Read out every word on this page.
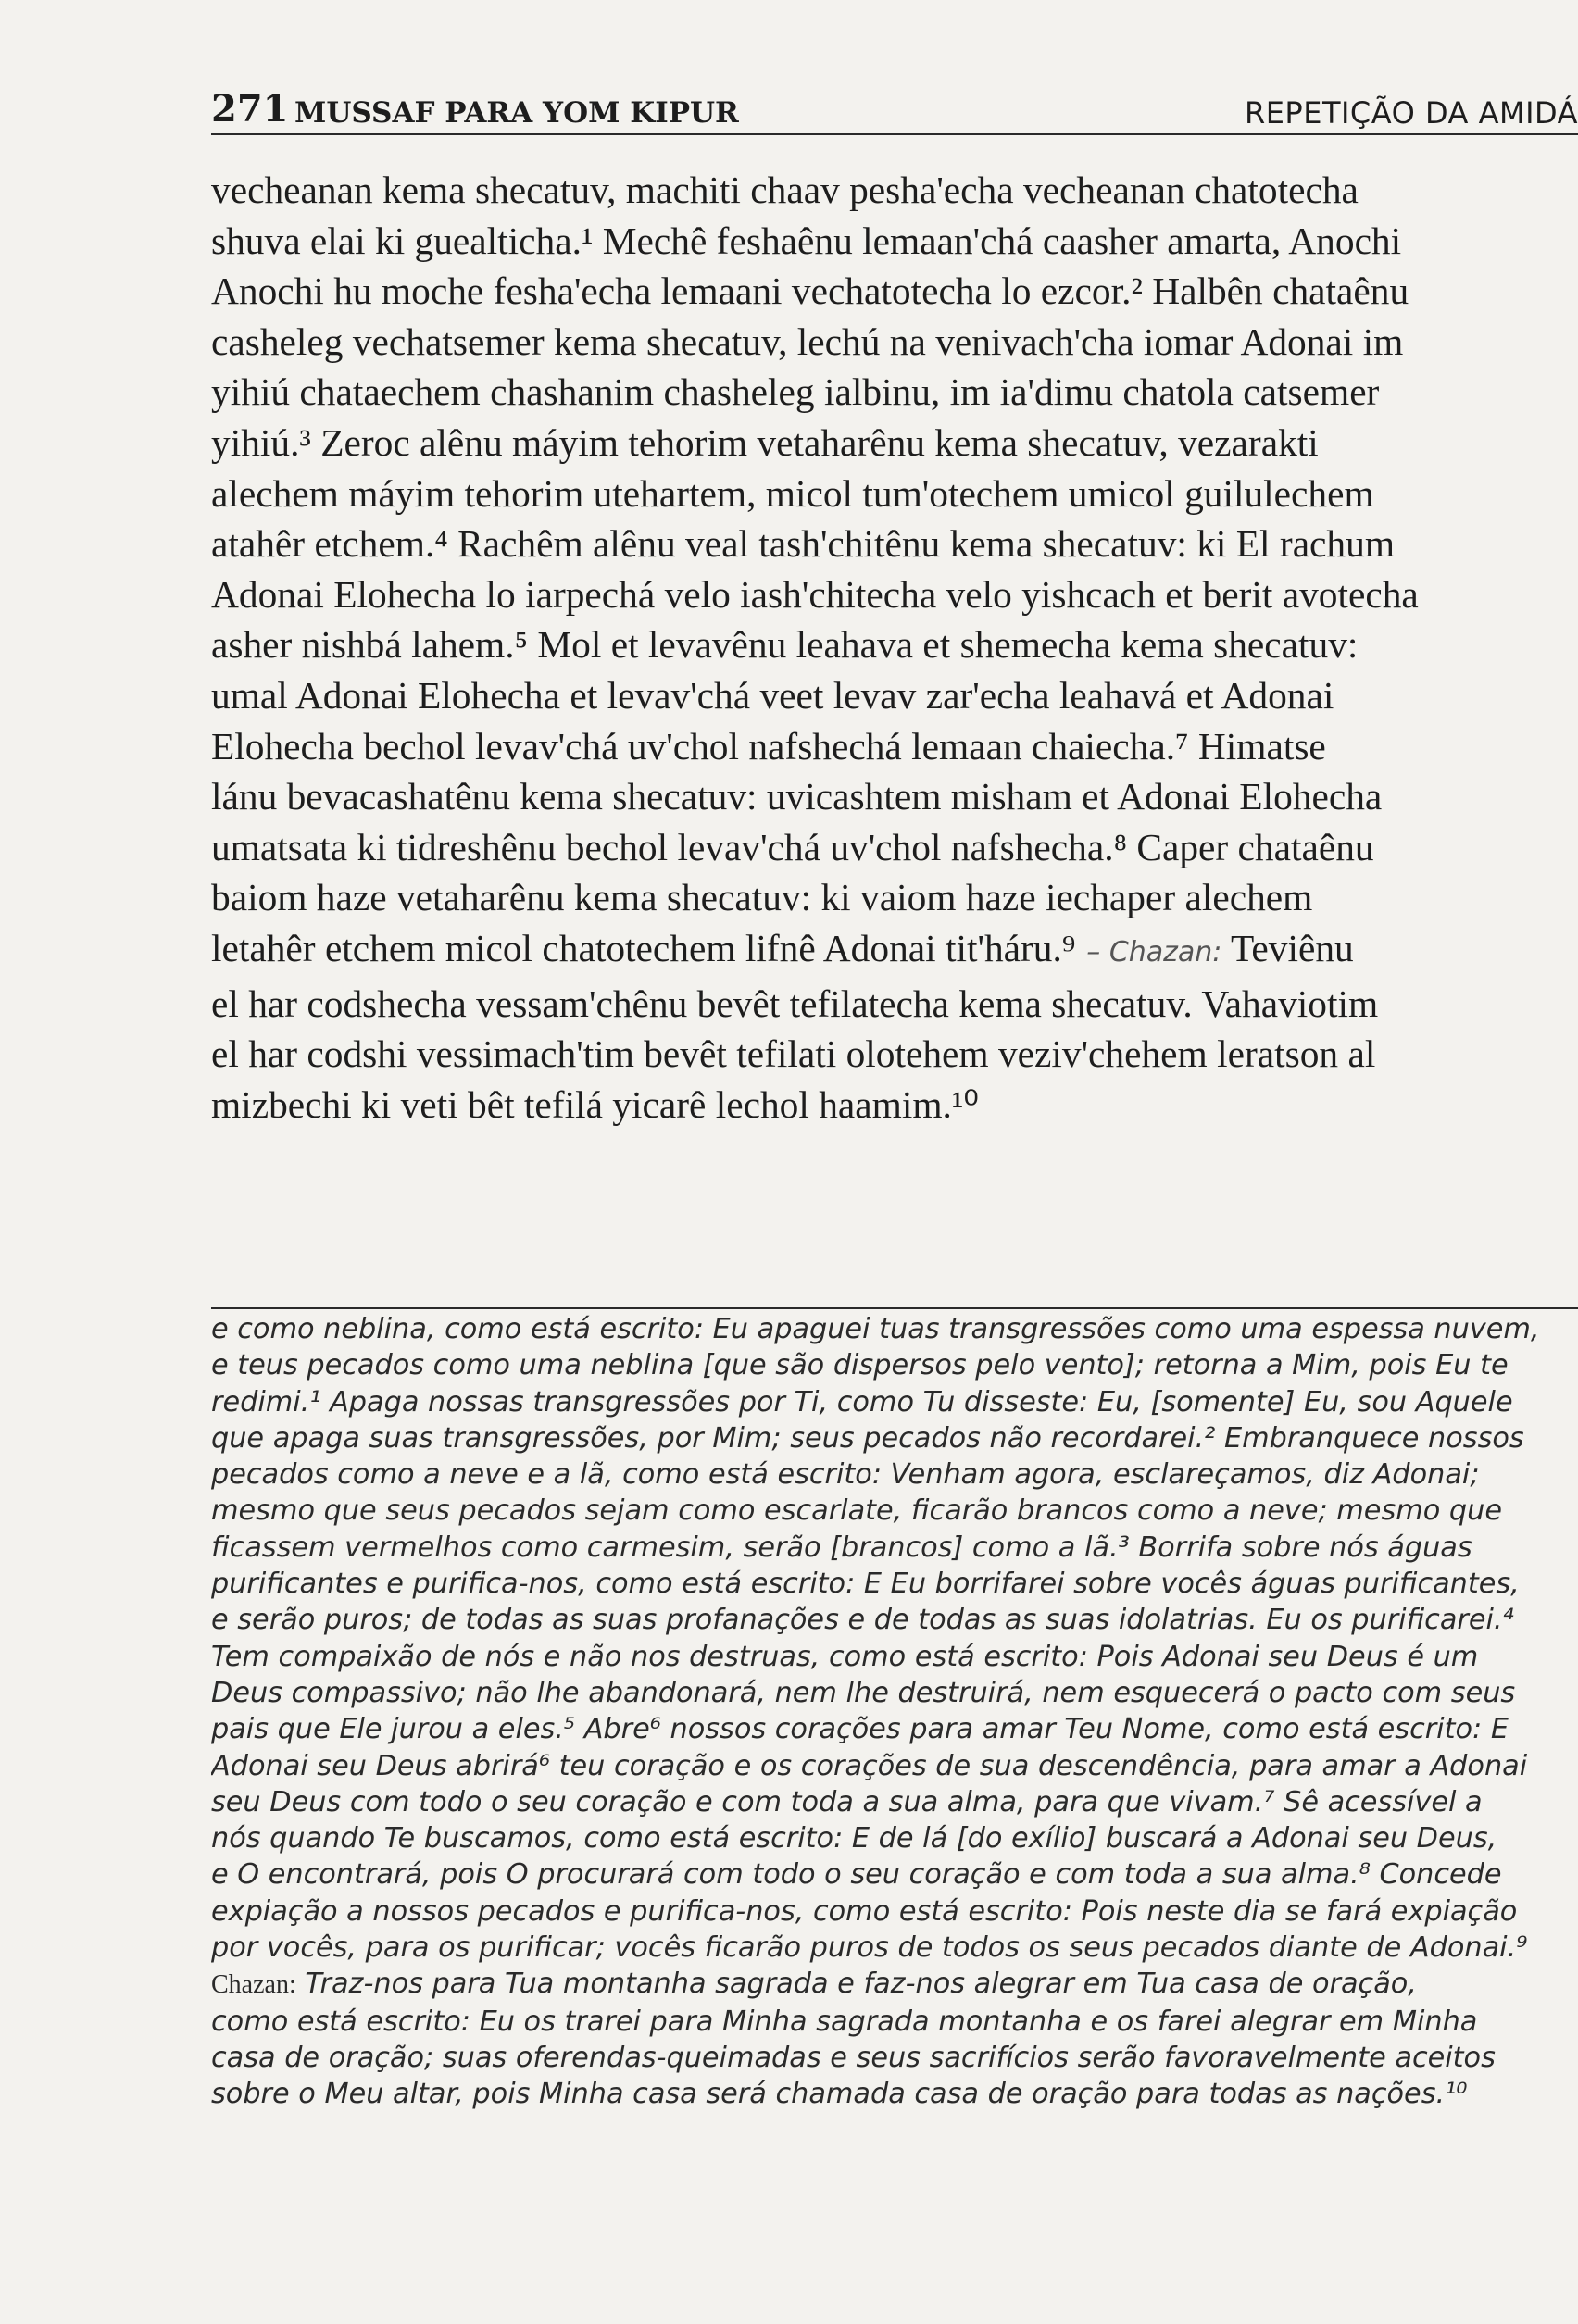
271 MUSSAF PARA YOM KIPUR	REPETIÇÃO DA AMIDÁ
vecheanan kema shecatuv, machiti chaav pesha'echa vecheanan chatotecha
shuva elai ki guealticha.¹ Mechê feshaênu lemaan'chá caasher amarta, Anochi
Anochi hu moche fesha'echa lemaani vechatotecha lo ezcor.² Halbên chataênu
casheleg vechatsemer kema shecatuv, lechú na venivach'cha iomar Adonai im
yihiú chataechem chashanim chasheleg ialbinu, im ia'dimu chatola catsemer
yihiú.³ Zeroc alênu máyim tehorim vetaharênu kema shecatuv, vezarakti
alechem máyim tehorim utehartem, micol tum'otechem umicol guilulechem
atahêr etchem.⁴ Rachêm alênu veal tash'chitênu kema shecatuv: ki El rachum
Adonai Elohecha lo iarpechá velo iash'chitecha velo yishcach et berit avotecha
asher nishbá lahem.⁵ Mol et levavênu leahava et shemecha kema shecatuv:
umal Adonai Elohecha et levav'chá veet levav zar'echa leahavá et Adonai
Elohecha bechol levav'chá uv'chol nafshechá lemaan chaiecha.⁷ Himatse
lánu bevacashatênu kema shecatuv: uvicashtem misham et Adonai Elohecha
umatsata ki tidreshênu bechol levav'chá uv'chol nafshecha.⁸ Caper chataênu
baiom haze vetaharênu kema shecatuv: ki vaiom haze iechaper alechem
letahêr etchem micol chatotechem lifnê Adonai tit'háru.⁹ – Chazan: Teviênu
el har codshecha vessam'chênu bevêt tefilatecha kema shecatuv. Vahaviotim
el har codshi vessimach'tim bevêt tefilati olotehem veziv'chehem leratson al
mizbechi ki veti bêt tefilá yicarê lechol haamim.¹⁰
e como neblina, como está escrito: Eu apaguei tuas transgressões como uma espessa nuvem,
e teus pecados como uma neblina [que são dispersos pelo vento]; retorna a Mim, pois Eu te
redimi.¹ Apaga nossas transgressões por Ti, como Tu disseste: Eu, [somente] Eu, sou Aquele
que apaga suas transgressões, por Mim; seus pecados não recordarei.² Embranquece nossos
pecados como a neve e a lã, como está escrito: Venham agora, esclareçamos, diz Adonai;
mesmo que seus pecados sejam como escarlate, ficarão brancos como a neve; mesmo que
ficassem vermelhos como carmesim, serão [brancos] como a lã.³ Borrifa sobre nós águas
purificantes e purifica-nos, como está escrito: E Eu borrifarei sobre vocês águas purificantes,
e serão puros; de todas as suas profanações e de todas as suas idolatrias. Eu os purificarei.⁴
Tem compaixão de nós e não nos destruas, como está escrito: Pois Adonai seu Deus é um
Deus compassivo; não lhe abandonará, nem lhe destruirá, nem esquecerá o pacto com seus
pais que Ele jurou a eles.⁵ Abre⁶ nossos corações para amar Teu Nome, como está escrito: E
Adonai seu Deus abrirá⁶ teu coração e os corações de sua descendência, para amar a Adonai
seu Deus com todo o seu coração e com toda a sua alma, para que vivam.⁷ Sê acessível a
nós quando Te buscamos, como está escrito: E de lá [do exílio] buscará a Adonai seu Deus,
e O encontrará, pois O procurará com todo o seu coração e com toda a sua alma.⁸ Concede
expiação a nossos pecados e purifica-nos, como está escrito: Pois neste dia se fará expiação
por vocês, para os purificar; vocês ficarão puros de todos os seus pecados diante de Adonai.⁹
Chazan: Traz-nos para Tua montanha sagrada e faz-nos alegrar em Tua casa de oração,
como está escrito: Eu os trarei para Minha sagrada montanha e os farei alegrar em Minha
casa de oração; suas oferendas-queimadas e seus sacrifícios serão favoravelmente aceitos
sobre o Meu altar, pois Minha casa será chamada casa de oração para todas as nações.¹⁰
